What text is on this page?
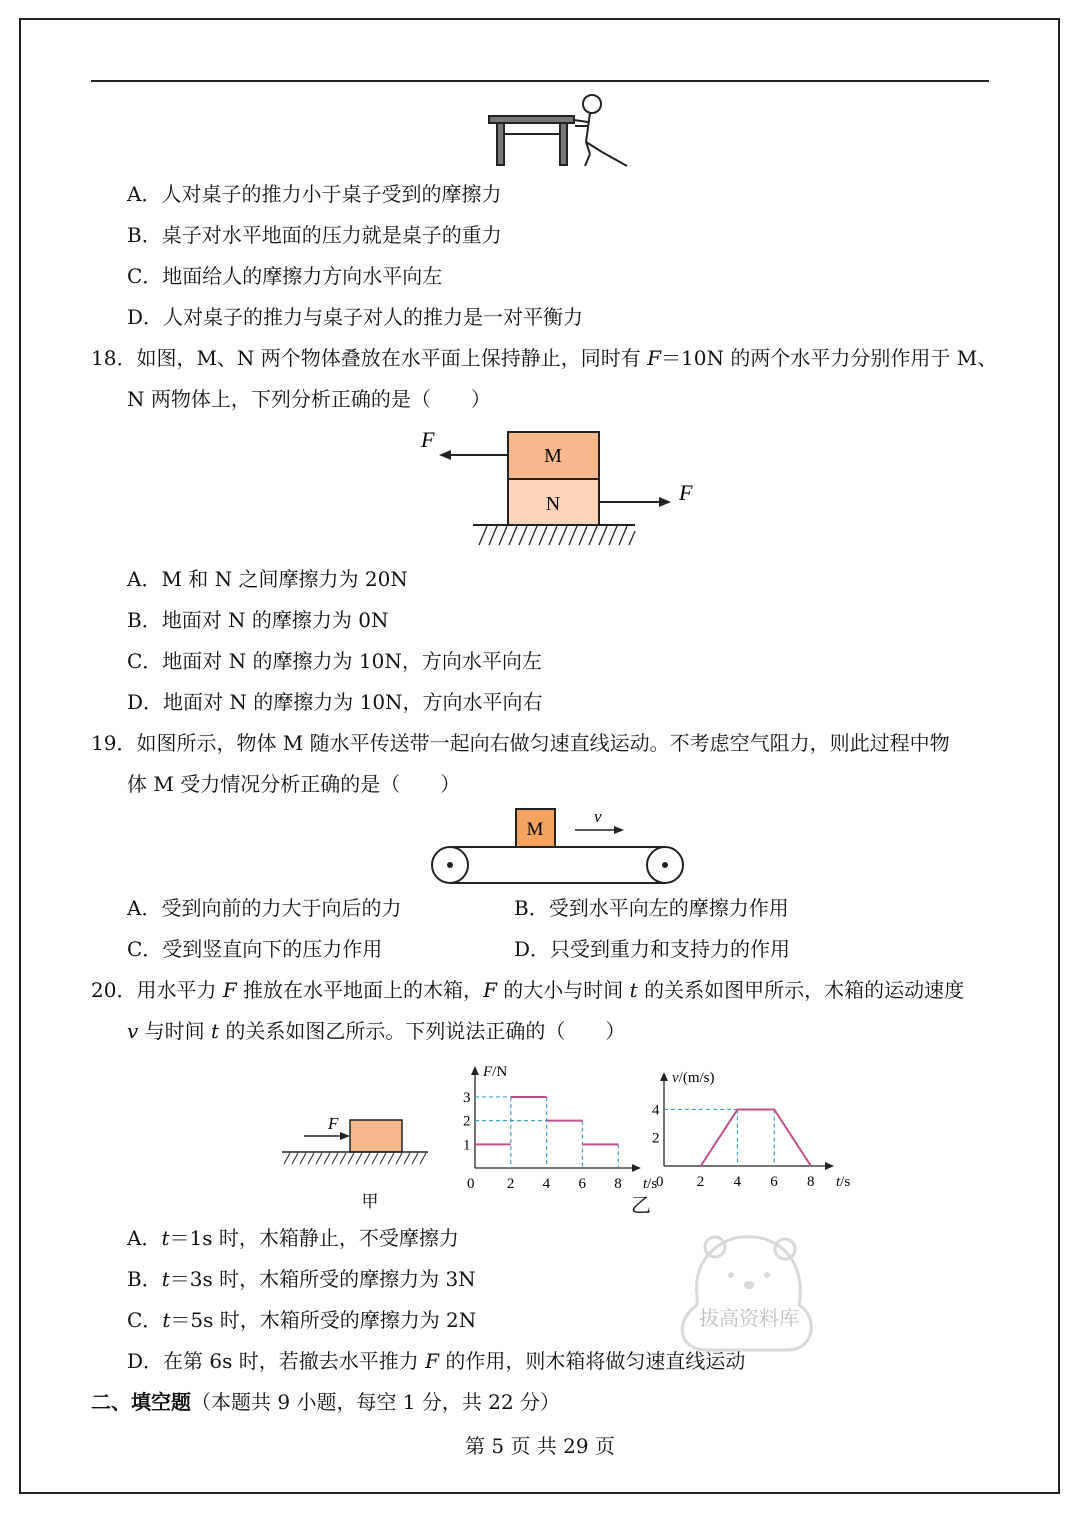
A．人对桌子的推力小于桌子受到的摩擦力
B．桌子对水平地面的压力就是桌子的重力
C．地面给人的摩擦力方向水平向左
D．人对桌子的推力与桌子对人的推力是一对平衡力
18．如图，M、N 两个物体叠放在水平面上保持静止，同时有 F＝10N 的两个水平力分别作用于 M、
N 两物体上，下列分析正确的是（　　）
M
N
F
F
A．M 和 N 之间摩擦力为 20N
B．地面对 N 的摩擦力为 0N
C．地面对 N 的摩擦力为 10N，方向水平向左
D．地面对 N 的摩擦力为 10N，方向水平向右
19．如图所示，物体 M 随水平传送带一起向右做匀速直线运动。不考虑空气阻力，则此过程中物
体 M 受力情况分析正确的是（　　）
M
v
A．受到向前的力大于向后的力	B．受到水平向左的摩擦力作用
C．受到竖直向下的压力作用	D．只受到重力和支持力的作用
20．用水平力 F 推放在水平地面上的木箱，F 的大小与时间 t 的关系如图甲所示，木箱的运动速度
v 与时间 t 的关系如图乙所示。下列说法正确的（　　）
F
甲
F/N
t/s
0 2 4 6 8
1
2
3
v/(m/s)
t/s
0 2 4 6 8
2
4
乙
A．t＝1s 时，木箱静止，不受摩擦力
B．t＝3s 时，木箱所受的摩擦力为 3N
C．t＝5s 时，木箱所受的摩擦力为 2N
D．在第 6s 时，若撤去水平推力 F 的作用，则木箱将做匀速直线运动
拔高资料库
二、填空题（本题共 9 小题，每空 1 分，共 22 分）
第 5 页 共 29 页
